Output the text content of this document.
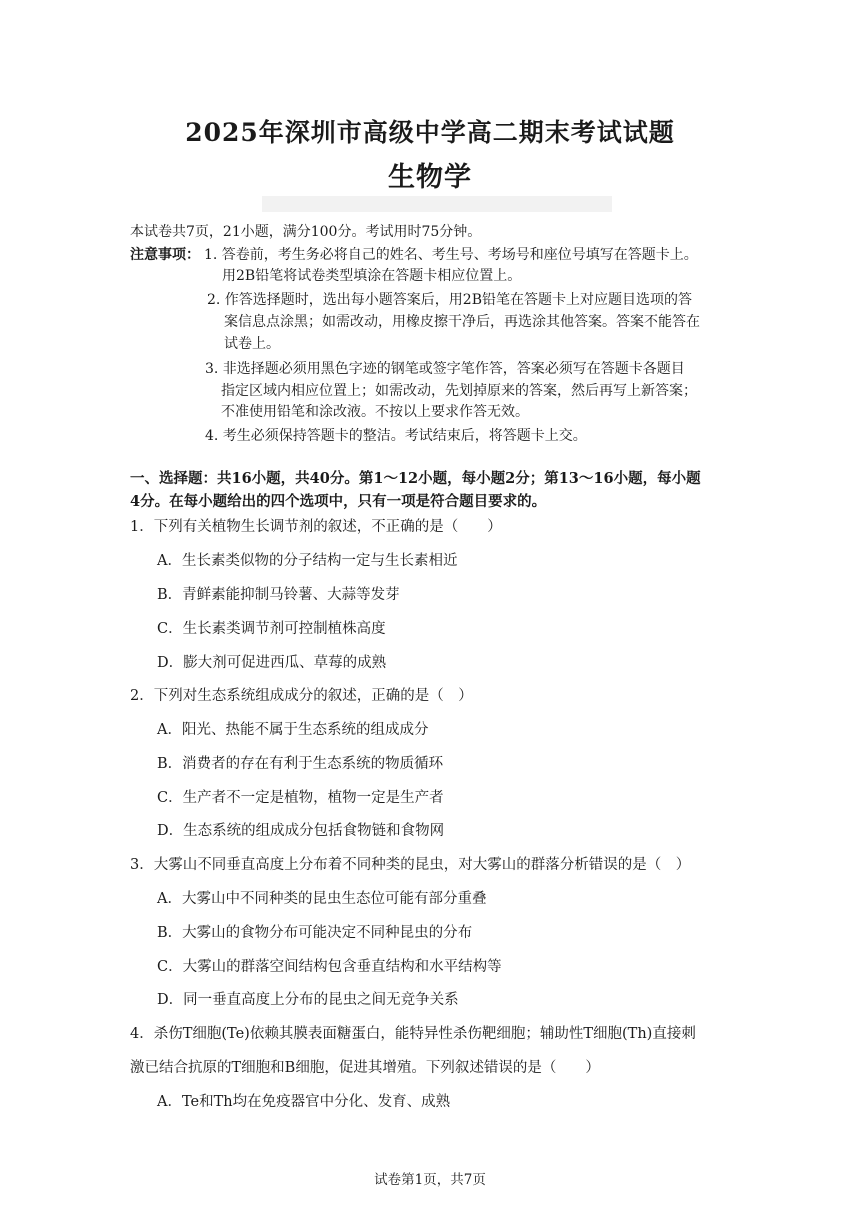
2025年深圳市高级中学高二期末考试试题
生物学
本试卷共7页，21小题，满分100分。考试用时75分钟。
注意事项： 1. 答卷前，考生务必将自己的姓名、考生号、考场号和座位号填写在答题卡上。
用2B铅笔将试卷类型填涂在答题卡相应位置上。
2. 作答选择题时，选出每小题答案后，用2B铅笔在答题卡上对应题目选项的答
案信息点涂黑；如需改动，用橡皮擦干净后，再选涂其他答案。答案不能答在
试卷上。
3. 非选择题必须用黑色字迹的钢笔或签字笔作答，答案必须写在答题卡各题目
指定区域内相应位置上；如需改动，先划掉原来的答案，然后再写上新答案；
不准使用铅笔和涂改液。不按以上要求作答无效。
4. 考生必须保持答题卡的整洁。考试结束后，将答题卡上交。
一、选择题：共16小题，共40分。第1～12小题，每小题2分；第13～16小题，每小题
4分。在每小题给出的四个选项中，只有一项是符合题目要求的。
1．下列有关植物生长调节剂的叙述，不正确的是（　　）
A．生长素类似物的分子结构一定与生长素相近
B．青鲜素能抑制马铃薯、大蒜等发芽
C．生长素类调节剂可控制植株高度
D．膨大剂可促进西瓜、草莓的成熟
2．下列对生态系统组成成分的叙述，正确的是（　）
A．阳光、热能不属于生态系统的组成成分
B．消费者的存在有利于生态系统的物质循环
C．生产者不一定是植物，植物一定是生产者
D．生态系统的组成成分包括食物链和食物网
3．大雾山不同垂直高度上分布着不同种类的昆虫，对大雾山的群落分析错误的是（　）
A．大雾山中不同种类的昆虫生态位可能有部分重叠
B．大雾山的食物分布可能决定不同种昆虫的分布
C．大雾山的群落空间结构包含垂直结构和水平结构等
D．同一垂直高度上分布的昆虫之间无竞争关系
4．杀伤T细胞(Te)依赖其膜表面糖蛋白，能特异性杀伤靶细胞；辅助性T细胞(Th)直接刺
激已结合抗原的T细胞和B细胞，促进其增殖。下列叙述错误的是（　　）
A．Te和Th均在免疫器官中分化、发育、成熟
试卷第1页，共7页
